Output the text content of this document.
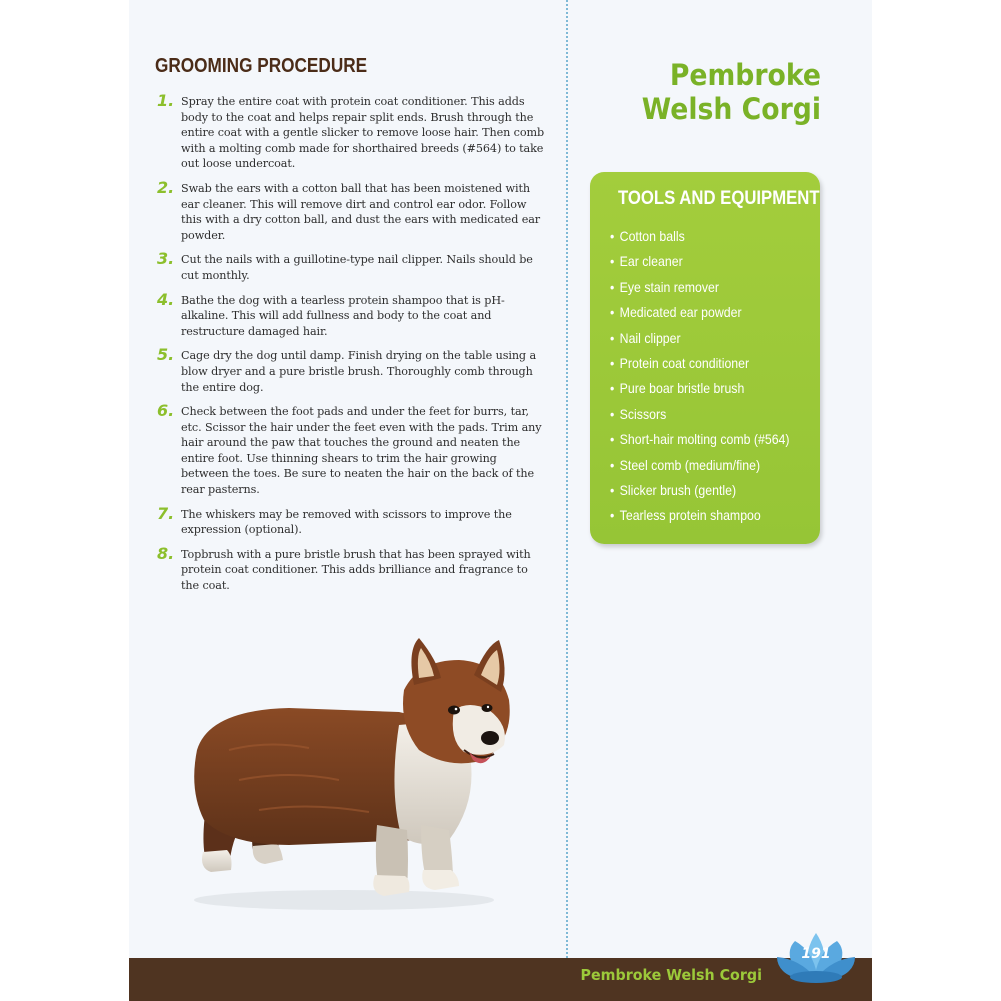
GROOMING PROCEDURE
1. Spray the entire coat with protein coat conditioner. This adds body to the coat and helps repair split ends. Brush through the entire coat with a gentle slicker to remove loose hair. Then comb with a molting comb made for shorthaired breeds (#564) to take out loose undercoat.
2. Swab the ears with a cotton ball that has been moistened with ear cleaner. This will remove dirt and control ear odor. Follow this with a dry cotton ball, and dust the ears with medicated ear powder.
3. Cut the nails with a guillotine-type nail clipper. Nails should be cut monthly.
4. Bathe the dog with a tearless protein shampoo that is pH-alkaline. This will add fullness and body to the coat and restructure damaged hair.
5. Cage dry the dog until damp. Finish drying on the table using a blow dryer and a pure bristle brush. Thoroughly comb through the entire dog.
6. Check between the foot pads and under the feet for burrs, tar, etc. Scissor the hair under the feet even with the pads. Trim any hair around the paw that touches the ground and neaten the entire foot. Use thinning shears to trim the hair growing between the toes. Be sure to neaten the hair on the back of the rear pasterns.
7. The whiskers may be removed with scissors to improve the expression (optional).
8. Topbrush with a pure bristle brush that has been sprayed with protein coat conditioner. This adds brilliance and fragrance to the coat.
Pembroke
Welsh Corgi
TOOLS AND EQUIPMENT
• Cotton balls
• Ear cleaner
• Eye stain remover
• Medicated ear powder
• Nail clipper
• Protein coat conditioner
• Pure boar bristle brush
• Scissors
• Short-hair molting comb (#564)
• Steel comb (medium/fine)
• Slicker brush (gentle)
• Tearless protein shampoo
Pembroke Welsh Corgi
191
